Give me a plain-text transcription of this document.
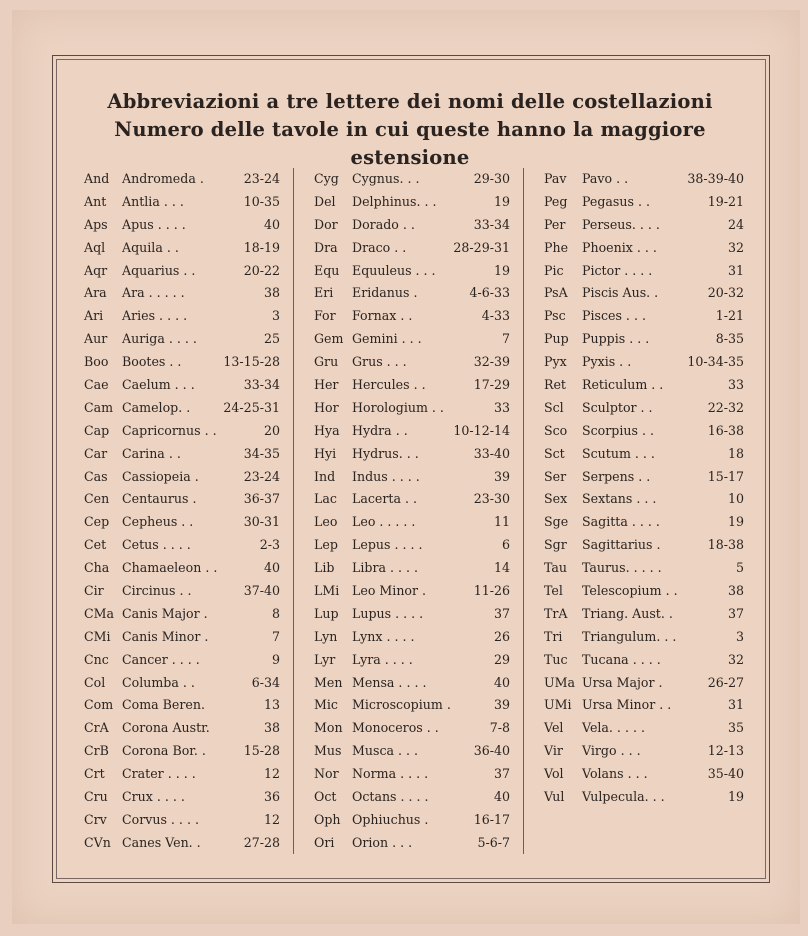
Abbreviazioni a tre lettere dei nomi delle costellazioni
Numero delle tavole in cui queste hanno la maggiore estensione
And Andromeda .	23-24
Ant Antlia . . .	10-35
Aps Apus . . . .	40
Aql Aquila . .	18-19
Aqr Aquarius . .	20-22
Ara Ara . . . . .	38
Ari Aries . . . .	3
Aur Auriga . . . .	25
Boo Bootes . .	13-15-28
Cae Caelum . . .	33-34
Cam Camelop. .	24-25-31
Cap Capricornus . .	20
Car Carina . .	34-35
Cas Cassiopeia .	23-24
Cen Centaurus .	36-37
Cep Cepheus . .	30-31
Cet Cetus . . . .	2-3
Cha Chamaeleon . .	40
Cir Circinus . .	37-40
CMa Canis Major .	8
CMi Canis Minor .	7
Cnc Cancer . . . .	9
Col Columba . .	6-34
Com Coma Beren.	13
CrA Corona Austr.	38
CrB Corona Bor. .	15-28
Crt Crater . . . .	12
Cru Crux . . . .	36
Crv Corvus . . . .	12
CVn Canes Ven. .	27-28
Cyg Cygnus. . .	29-30
Del Delphinus. . .	19
Dor Dorado . .	33-34
Dra Draco . .	28-29-31
Equ Equuleus . . .	19
Eri Eridanus .	4-6-33
For Fornax . .	4-33
Gem Gemini . . .	7
Gru Grus . . .	32-39
Her Hercules . .	17-29
Hor Horologium . .	33
Hya Hydra . .	10-12-14
Hyi Hydrus. . .	33-40
Ind Indus . . . .	39
Lac Lacerta . .	23-30
Leo Leo . . . . .	11
Lep Lepus . . . .	6
Lib Libra . . . .	14
LMi Leo Minor .	11-26
Lup Lupus . . . .	37
Lyn Lynx . . . .	26
Lyr Lyra . . . .	29
Men Mensa . . . .	40
Mic Microscopium .	39
Mon Monoceros . .	7-8
Mus Musca . . .	36-40
Nor Norma . . . .	37
Oct Octans . . . .	40
Oph Ophiuchus .	16-17
Ori Orion . . .	5-6-7
Pav Pavo . .	38-39-40
Peg Pegasus . .	19-21
Per Perseus. . . .	24
Phe Phoenix . . .	32
Pic Pictor . . . .	31
PsA Piscis Aus. .	20-32
Psc Pisces . . .	1-21
Pup Puppis . . .	8-35
Pyx Pyxis . .	10-34-35
Ret Reticulum . .	33
Scl Sculptor . .	22-32
Sco Scorpius . .	16-38
Sct Scutum . . .	18
Ser Serpens . .	15-17
Sex Sextans . . .	10
Sge Sagitta . . . .	19
Sgr Sagittarius .	18-38
Tau Taurus. . . . .	5
Tel Telescopium . .	38
TrA Triang. Aust. .	37
Tri Triangulum. . .	3
Tuc Tucana . . . .	32
UMa Ursa Major .	26-27
UMi Ursa Minor . .	31
Vel Vela. . . . .	35
Vir Virgo . . .	12-13
Vol Volans . . .	35-40
Vul Vulpecula. . .	19
